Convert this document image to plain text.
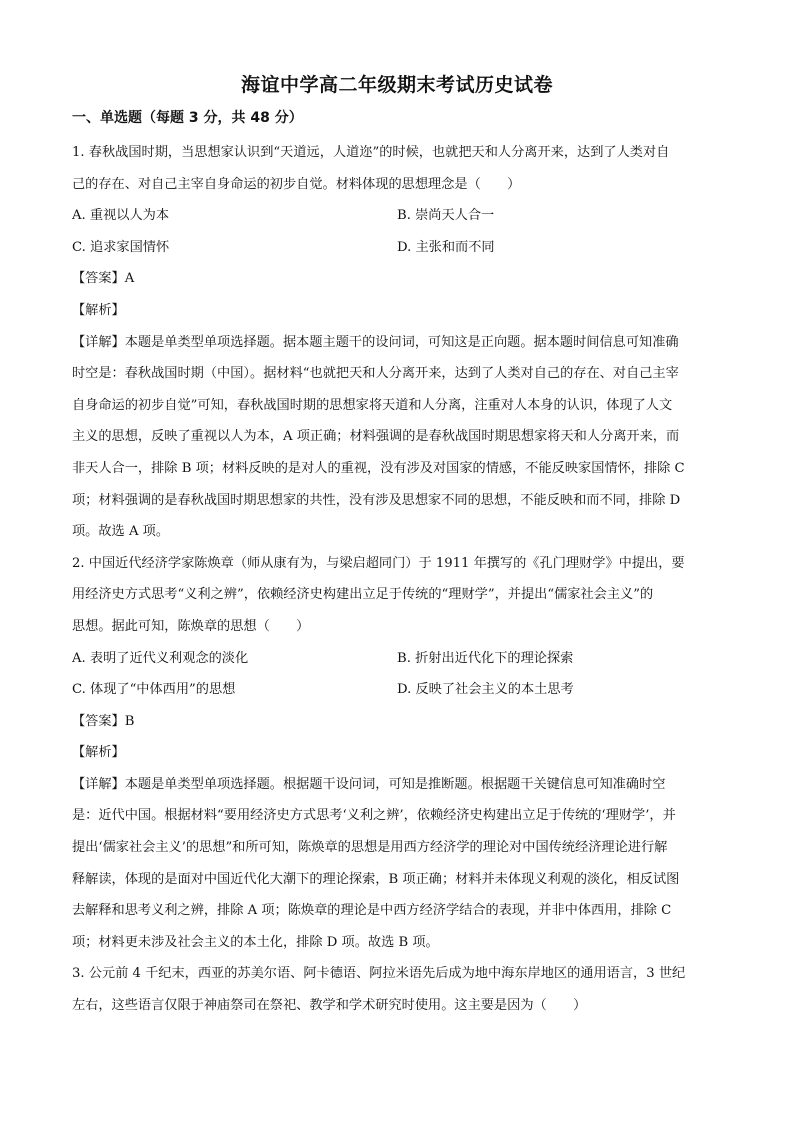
海谊中学高二年级期末考试历史试卷
一、单选题（每题 3 分，共 48 分）
1. 春秋战国时期，当思想家认识到“天道远，人道迩”的时候，也就把天和人分离开来，达到了人类对自
己的存在、对自己主宰自身命运的初步自觉。材料体现的思想理念是（　　）
A. 重视以人为本	B. 崇尚天人合一
C. 追求家国情怀	D. 主张和而不同
【答案】A
【解析】
【详解】本题是单类型单项选择题。据本题主题干的设问词，可知这是正向题。据本题时间信息可知准确
时空是：春秋战国时期（中国）。据材料“也就把天和人分离开来，达到了人类对自己的存在、对自己主宰
自身命运的初步自觉”可知，春秋战国时期的思想家将天道和人分离，注重对人本身的认识，体现了人文
主义的思想，反映了重视以人为本，A 项正确；材料强调的是春秋战国时期思想家将天和人分离开来，而
非天人合一，排除 B 项；材料反映的是对人的重视，没有涉及对国家的情感，不能反映家国情怀，排除 C
项；材料强调的是春秋战国时期思想家的共性，没有涉及思想家不同的思想，不能反映和而不同，排除 D
项。故选 A 项。
2. 中国近代经济学家陈焕章（师从康有为，与梁启超同门）于 1911 年撰写的《孔门理财学》中提出，要
用经济史方式思考“义利之辨”，依赖经济史构建出立足于传统的“理财学”，并提出“儒家社会主义”的
思想。据此可知，陈焕章的思想（　　）
A. 表明了近代义利观念的淡化	B. 折射出近代化下的理论探索
C. 体现了“中体西用”的思想	D. 反映了社会主义的本土思考
【答案】B
【解析】
【详解】本题是单类型单项选择题。根据题干设问词，可知是推断题。根据题干关键信息可知准确时空
是：近代中国。根据材料“要用经济史方式思考‘义利之辨’，依赖经济史构建出立足于传统的‘理财学’，并
提出‘儒家社会主义’的思想”和所可知，陈焕章的思想是用西方经济学的理论对中国传统经济理论进行解
释解读，体现的是面对中国近代化大潮下的理论探索，B 项正确；材料并未体现义利观的淡化，相反试图
去解释和思考义利之辨，排除 A 项；陈焕章的理论是中西方经济学结合的表现，并非中体西用，排除 C
项；材料更未涉及社会主义的本土化，排除 D 项。故选 B 项。
3. 公元前 4 千纪末，西亚的苏美尔语、阿卡德语、阿拉米语先后成为地中海东岸地区的通用语言，3 世纪
左右，这些语言仅限于神庙祭司在祭祀、教学和学术研究时使用。这主要是因为（　　）
